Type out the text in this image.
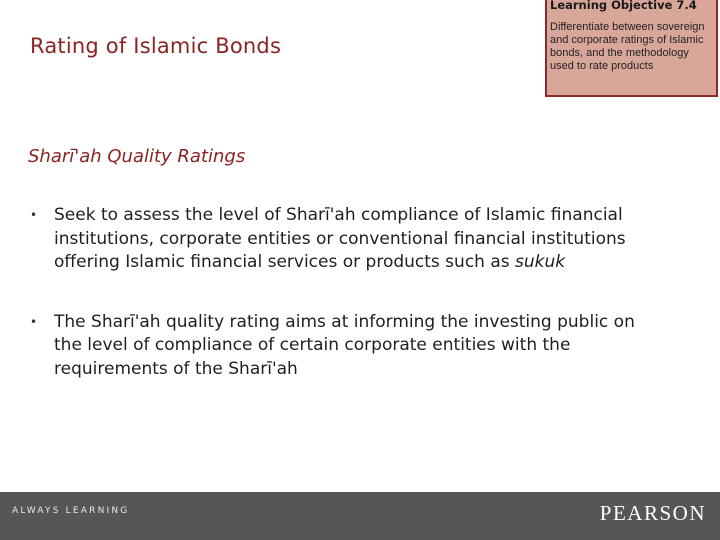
Rating of Islamic Bonds
Learning Objective 7.4

Differentiate between sovereign and corporate ratings of Islamic bonds, and the methodology used to rate products

Sharī'ah Quality Ratings
• Seek to assess the level of Sharī'ah compliance of Islamic financial institutions, corporate entities or conventional financial institutions offering Islamic financial services or products such as sukuk
• The Sharī'ah quality rating aims at informing the investing public on the level of compliance of certain corporate entities with the requirements of the Sharī'ah
ALWAYS LEARNING	PEARSON
